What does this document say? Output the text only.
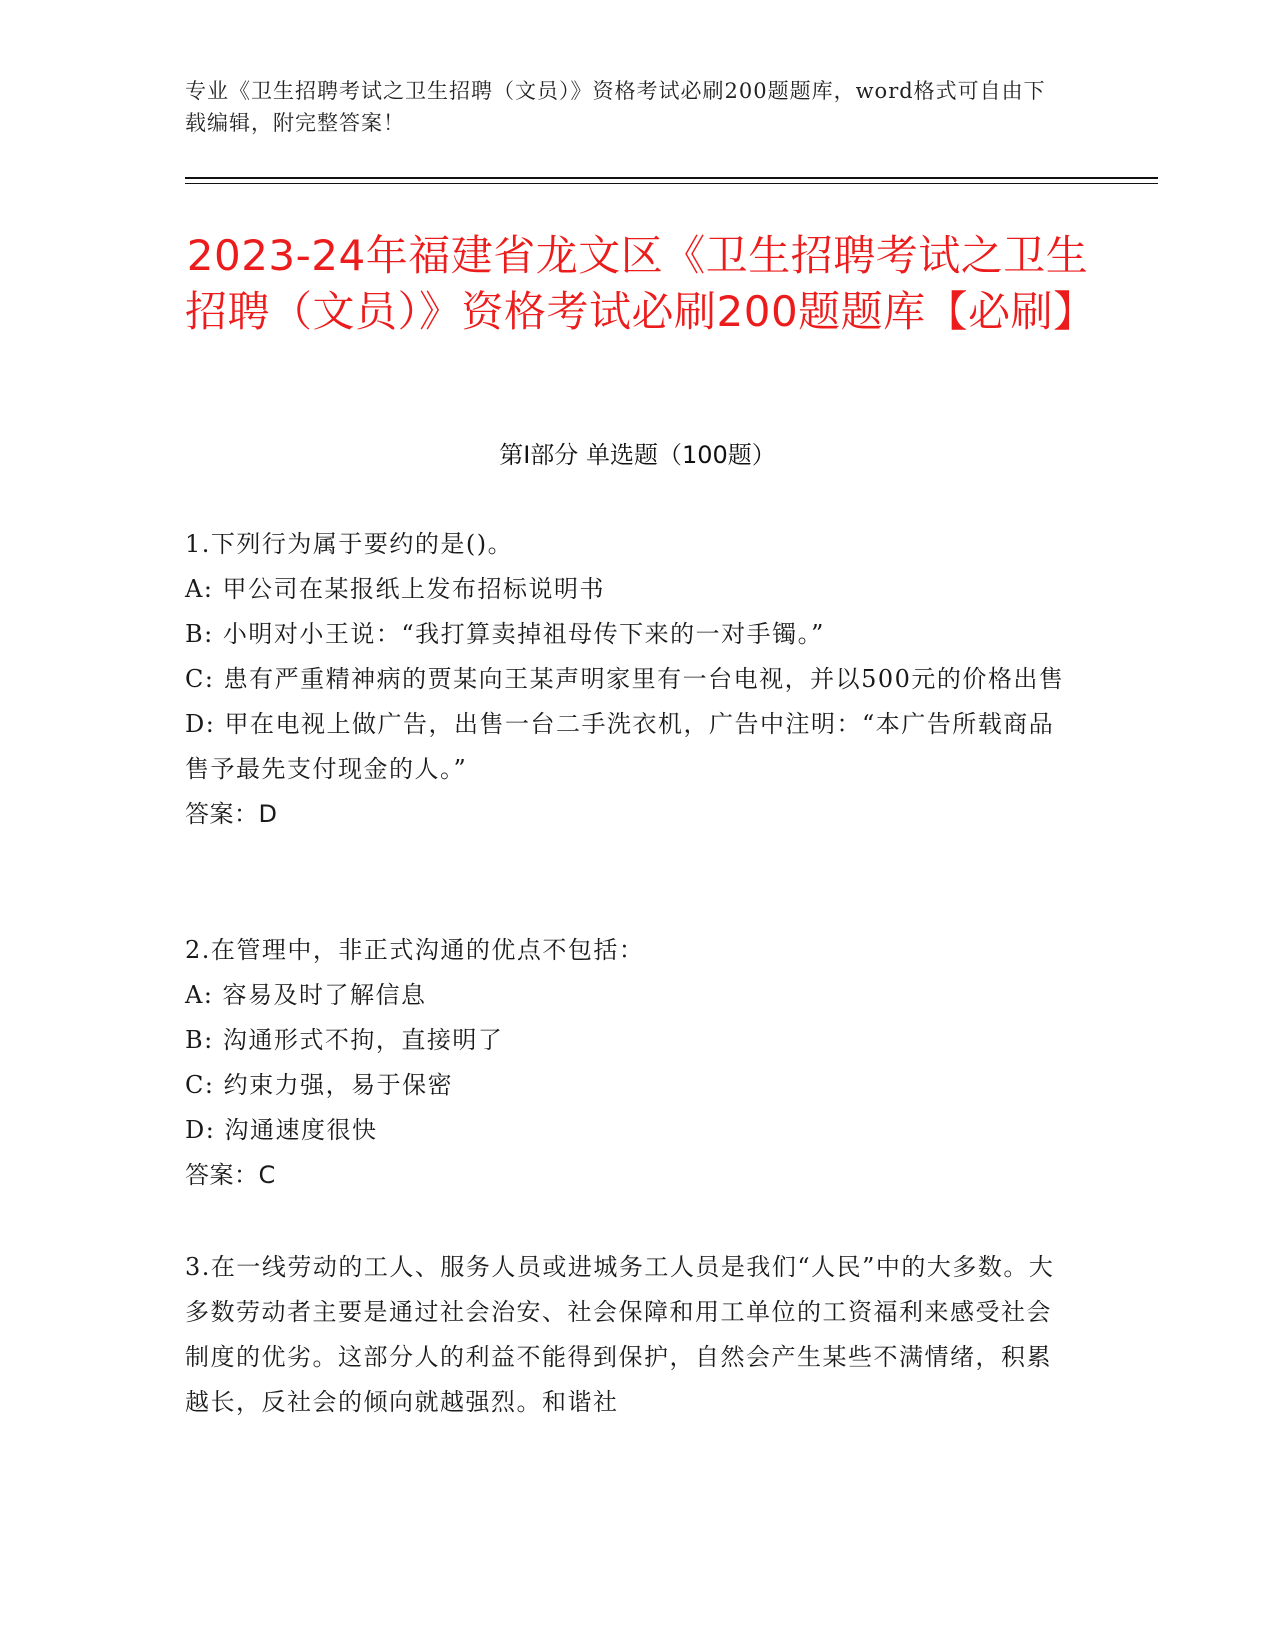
专业《卫生招聘考试之卫生招聘（文员）》资格考试必刷200题题库，word格式可自由下载编辑，附完整答案！
2023-24年福建省龙文区《卫生招聘考试之卫生招聘（文员）》资格考试必刷200题题库【必刷】
第Ⅰ部分 单选题（100题）

1.下列行为属于要约的是()。

A: 甲公司在某报纸上发布招标说明书

B: 小明对小王说：“我打算卖掉祖母传下来的一对手镯。”

C: 患有严重精神病的贾某向王某声明家里有一台电视，并以500元的价格出售

D: 甲在电视上做广告，出售一台二手洗衣机，广告中注明：“本广告所载商品售予最先支付现金的人。”

答案：D

2.在管理中，非正式沟通的优点不包括：

A: 容易及时了解信息

B: 沟通形式不拘，直接明了

C: 约束力强，易于保密

D: 沟通速度很快

答案：C

3.在一线劳动的工人、服务人员或进城务工人员是我们“人民”中的大多数。大多数劳动者主要是通过社会治安、社会保障和用工单位的工资福利来感受社会制度的优劣。这部分人的利益不能得到保护，自然会产生某些不满情绪，积累越长，反社会的倾向就越强烈。和谐社
